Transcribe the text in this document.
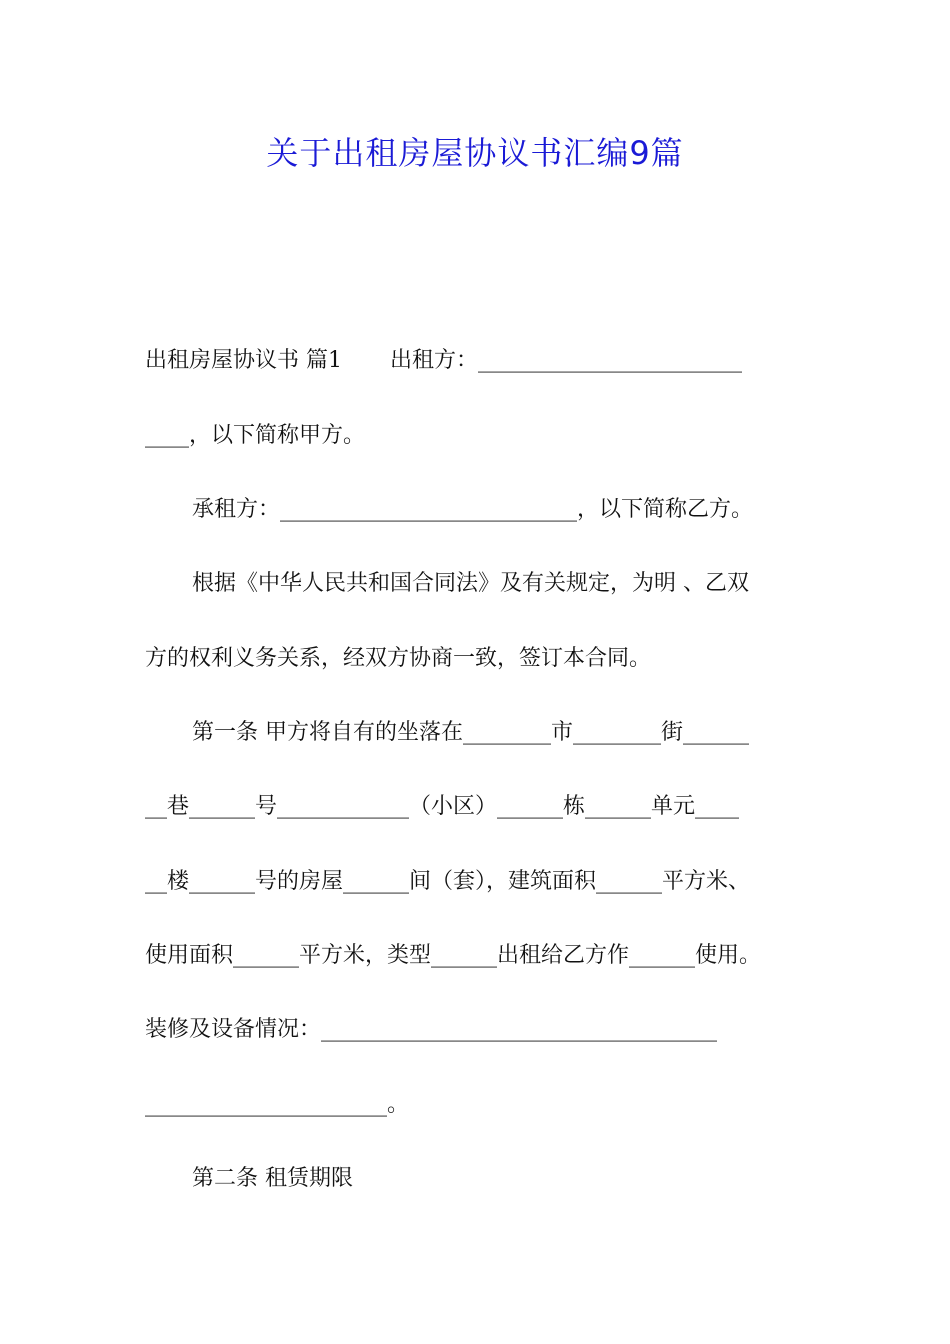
关于出租房屋协议书汇编9篇
出租房屋协议书 篇1 出租方：________________________
____，以下简称甲方。
承租方：___________________________，以下简称乙方。
根据《中华人民共和国合同法》及有关规定，为明 、乙双
方的权利义务关系，经双方协商一致，签订本合同。
第一条 甲方将自有的坐落在________市________街______
__巷______号____________（小区）______栋______单元____
__楼______号的房屋______间（套），建筑面积______平方米、
使用面积______平方米，类型______出租给乙方作______使用。
装修及设备情况：____________________________________
______________________。
第二条 租赁期限
